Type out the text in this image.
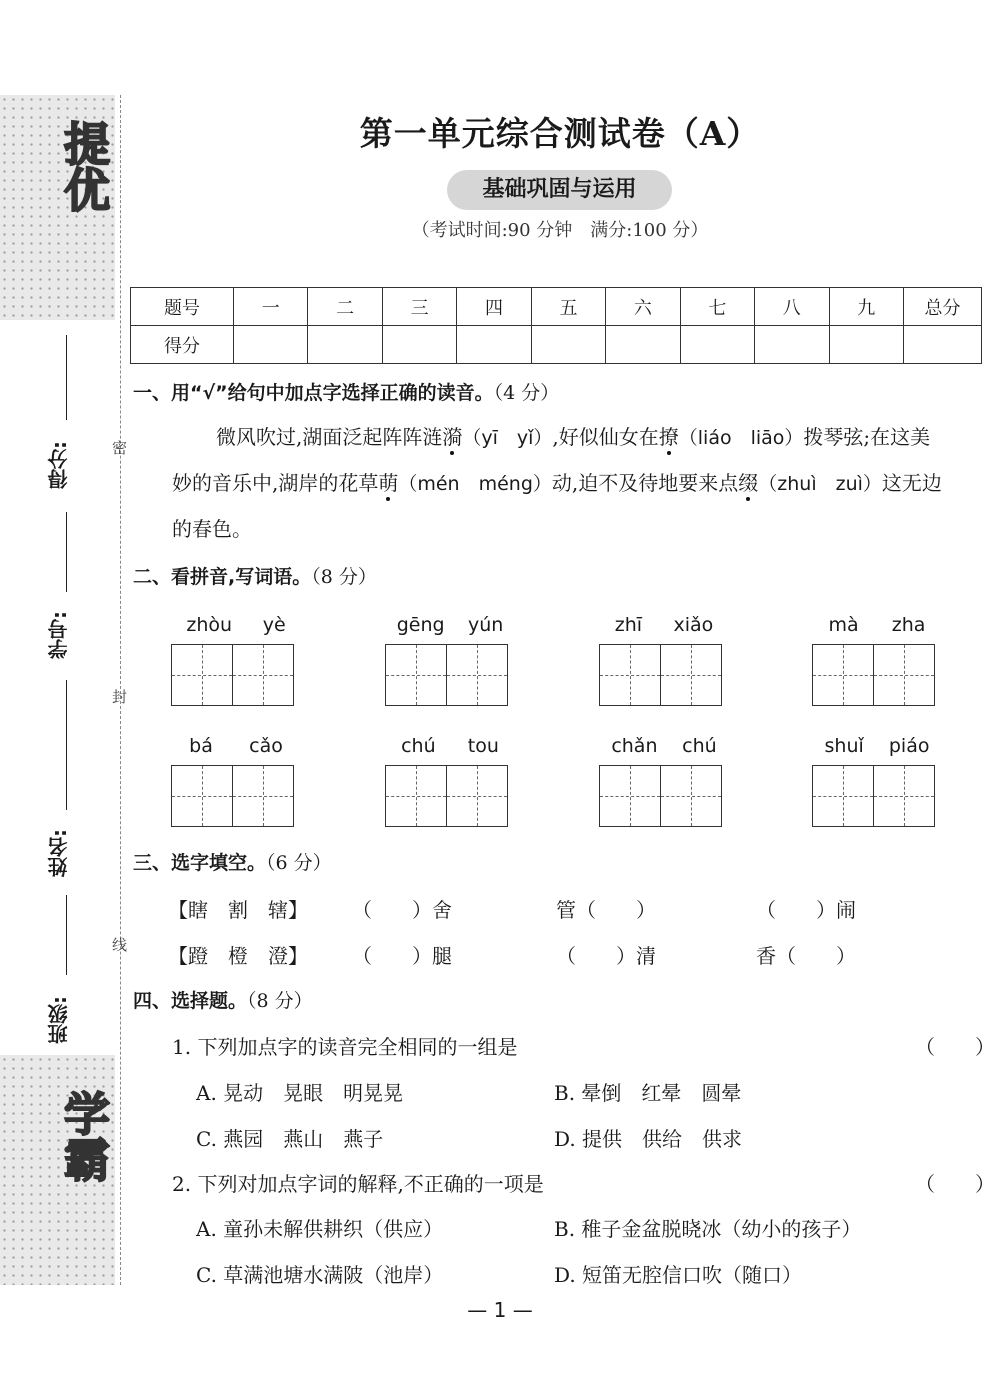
提优
学霸
密
封
线
得分:
学号:
姓名:
班级:
第一单元综合测试卷（A）
基础巩固与运用
（考试时间:90 分钟　满分:100 分）
题号	一	二	三	四	五	六	七	八	九	总分
得分										
一、用“√”给句中加点字选择正确的读音。（4 分）
微风吹过,湖面泛起阵阵涟漪（yī　yǐ）,好似仙女在撩（liáo　liāo）拨琴弦;在这美
妙的音乐中,湖岸的花草萌（mén　méng）动,迫不及待地要来点缀（zhuì　zuì）这无边
的春色。
二、看拼音,写词语。（8 分）
zhòu yè	gēng yún	zhī xiǎo	mà zha
bá cǎo	chú tou	chǎn chú	shuǐ piáo
三、选字填空。（6 分）
【瞎　割　辖】 （　　）舍	管（　　）	（　　）闹
【蹬　橙　澄】 （　　）腿	（　　）清	香（　　）
四、选择题。（8 分）
1. 下列加点字的读音完全相同的一组是	（　　）
A. 晃动　晃眼　明晃晃	B. 晕倒　红晕　圆晕
C. 燕园　燕山　燕子	D. 提供　供给　供求
2. 下列对加点字词的解释,不正确的一项是	（　　）
A. 童孙未解供耕织（供应）	B. 稚子金盆脱晓冰（幼小的孩子）
C. 草满池塘水满陂（池岸）	D. 短笛无腔信口吹（随口）
— 1 —
